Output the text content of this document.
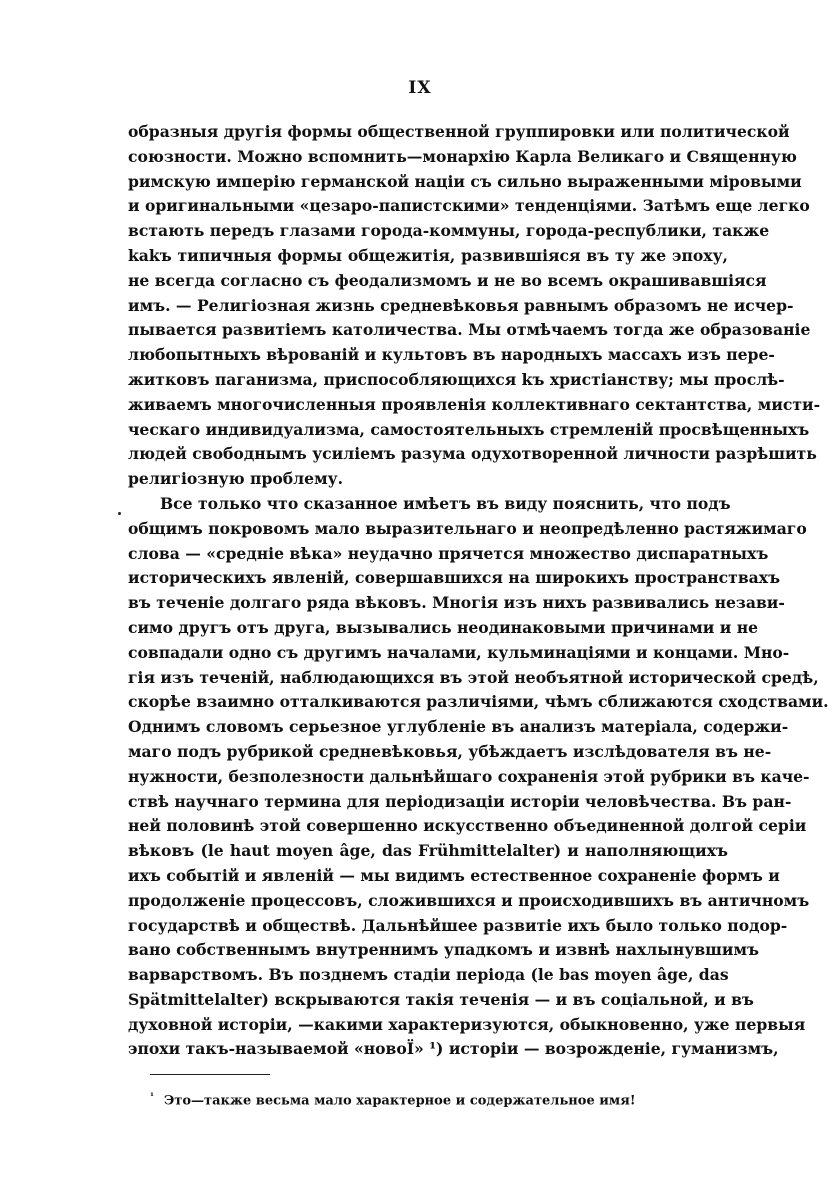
IX
образныя другія формы общественной группировки или политической
союзности. Можно вспомнить—монархію Карла Великаго и Священную
римскую имперію германской націи съ сильно выраженными міровыми
и оригинальными «цезаро-папистскими» тенденціями. Затѣмъ еще легко
встають передъ глазами города-коммуны, города-республики, также
kakъ типичныя формы общежитія, развившіяся въ ту же эпоху,
не всегда согласно съ феодализмомъ и не во всемъ окрашивавшіяся
имъ. — Религіозная жизнь средневѣковья равнымъ образомъ не исчер-
пывается развитіемъ католичества. Мы отмѣчаемъ тогда же образованіе
любопытныхъ вѣрованій и культовъ въ народныхъ массахъ изъ пере-
житковъ паганизма, приспособляющихся kъ христіанству; мы прослѣ-
живаемъ многочисленныя проявленія коллективнаго сектантства, мисти-
ческаго индивидуализма, самостоятельныхъ стремленій просвѣщенныхъ
людей свободнымъ усиліемъ разума одухотворенной личности разрѣшить
религіозную проблему.
Все только что сказанное имѣетъ въ виду пояснить, что подъ
общимъ покровомъ мало выразительнаго и неопредѣленно растяжимаго
слова — «средніе вѣка» неудачно прячется множество диспаратныхъ
историческихъ явленій, совершавшихся на широкихъ пространствахъ
въ теченіе долгаго ряда вѣковъ. Многія изъ нихъ развивались незави-
симо другъ отъ друга, вызывались неодинаковыми причинами и не
совпадали одно съ другимъ началами, кульминаціями и концами. Мно-
гія изъ теченій, наблюдающихся въ этой необъятной исторической средѣ,
скорѣе взаимно отталкиваются различіями, чѣмъ сближаются сходствами.
Однимъ словомъ серьезное углубленіе въ анализъ матеріала, содержи-
маго подъ рубрикой средневѣковья, убѣждаетъ изслѣдователя въ не-
нужности, безполезности дальнѣйшаго сохраненія этой рубрики въ каче-
ствѣ научнаго термина для періодизаціи исторіи человѣчества. Въ ран-
ней половинѣ этой совершенно искусственно объединенной долгой серіи
вѣковъ (le haut moyen âge, das Frühmittelalter) и наполняющихъ
ихъ событій и явленій — мы видимъ естественное сохраненіе формъ и
продолженіе процессовъ, сложившихся и происходившихъ въ античномъ
государствѣ и обществѣ. Дальнѣйшее развитіе ихъ было только подор-
вано собственнымъ внутреннимъ упадкомъ и извнѣ нахлынувшимъ
варварствомъ. Въ позднемъ стадіи періода (le bas moyen âge, das
Spätmittelalter) вскрываются такія теченія — и въ соціальной, и въ
духовной исторіи, —какими характеризуются, обыкновенно, уже первыя
эпохи такъ-называемой «новоЇ» ¹) исторіи — возрожденіе, гуманизмъ,
$^{^1}$ Это—также весьма мало характерное и содержательное имя!
